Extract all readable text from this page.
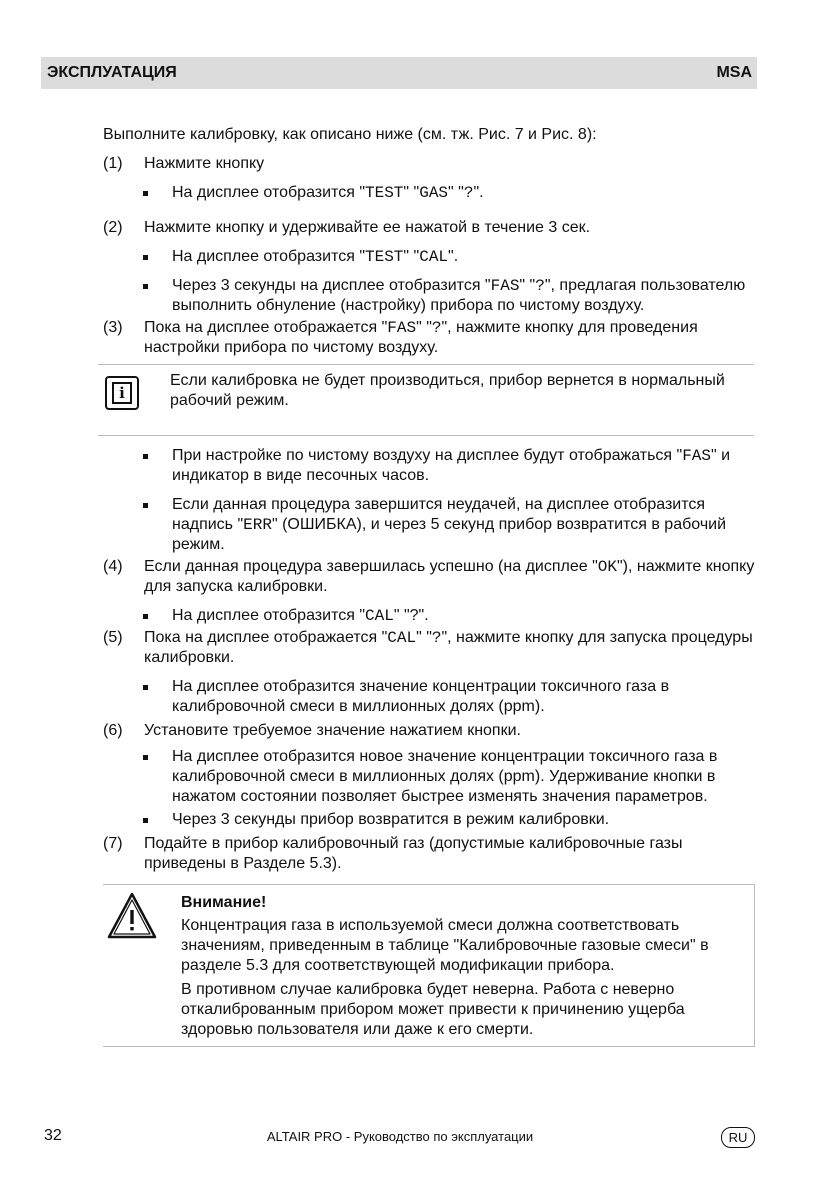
ЭКСПЛУАТАЦИЯ	MSA

Выполните калибровку, как описано ниже (см. тж. Рис. 7 и Рис. 8):

(1) Нажмите кнопку
На дисплее отобразится "TEST" "GAS" "?".
(2) Нажмите кнопку и удерживайте ее нажатой в течение 3 сек.
На дисплее отобразится "TEST" "CAL".
Через 3 секунды на дисплее отобразится "FAS" "?", предлагая пользователю выполнить обнуление (настройку) прибора по чистому воздуху.
(3) Пока на дисплее отображается "FAS" "?", нажмите кнопку для проведения настройки прибора по чистому воздуху.
i
Если калибровка не будет производиться, прибор вернется в нормальный рабочий режим.
При настройке по чистому воздуху на дисплее будут отображаться "FAS" и индикатор в виде песочных часов.
Если данная процедура завершится неудачей, на дисплее отобразится надпись "ERR" (ОШИБКА), и через 5 секунд прибор возвратится в рабочий режим.
(4) Если данная процедура завершилась успешно (на дисплее "OK"), нажмите кнопку для запуска калибровки.
На дисплее отобразится "CAL" "?".
(5) Пока на дисплее отображается "CAL" "?", нажмите кнопку для запуска процедуры калибровки.
На дисплее отобразится значение концентрации токсичного газа в калибровочной смеси в миллионных долях (ppm).
(6) Установите требуемое значение нажатием кнопки.
На дисплее отобразится новое значение концентрации токсичного газа в калибровочной смеси в миллионных долях (ppm). Удерживание кнопки в нажатом состоянии позволяет быстрее изменять значения параметров.
Через 3 секунды прибор возвратится в режим калибровки.
(7) Подайте в прибор калибровочный газ (допустимые калибровочные газы приведены в Разделе 5.3).
Внимание!
Концентрация газа в используемой смеси должна соответствовать значениям, приведенным в таблице "Калибровочные газовые смеси" в разделе 5.3 для соответствующей модификации прибора.
В противном случае калибровка будет неверна. Работа с неверно откалиброванным прибором может привести к причинению ущерба здоровью пользователя или даже к его смерти.
32	ALTAIR PRO - Руководство по эксплуатации	RU
